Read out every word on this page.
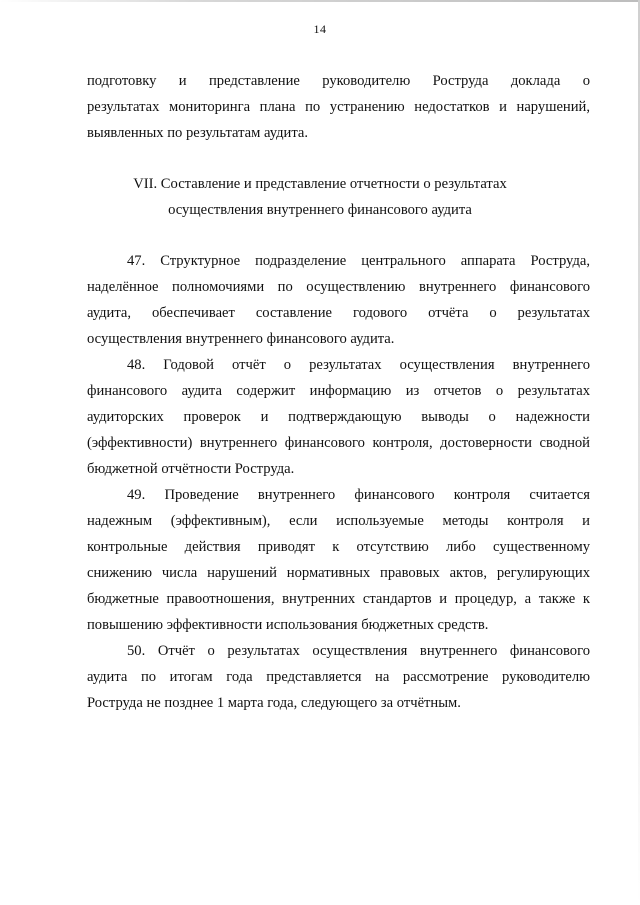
14

подготовку и представление руководителю Роструда доклада о
результатах мониторинга плана по устранению недостатков и нарушений,
выявленных по результатам аудита.

VII. Составление и представление отчетности о результатах
осуществления внутреннего финансового аудита

47. Структурное подразделение центрального аппарата Роструда,
наделённое полномочиями по осуществлению внутреннего финансового
аудита, обеспечивает составление годового отчёта о результатах
осуществления внутреннего финансового аудита.

48. Годовой отчёт о результатах осуществления внутреннего
финансового аудита содержит информацию из отчетов о результатах
аудиторских проверок и подтверждающую выводы о надежности
(эффективности) внутреннего финансового контроля, достоверности сводной
бюджетной отчётности Роструда.

49. Проведение внутреннего финансового контроля считается
надежным (эффективным), если используемые методы контроля и
контрольные действия приводят к отсутствию либо существенному
снижению числа нарушений нормативных правовых актов, регулирующих
бюджетные правоотношения, внутренних стандартов и процедур, а также к
повышению эффективности использования бюджетных средств.

50. Отчёт о результатах осуществления внутреннего финансового
аудита по итогам года представляется на рассмотрение руководителю
Роструда не позднее 1 марта года, следующего за отчётным.
